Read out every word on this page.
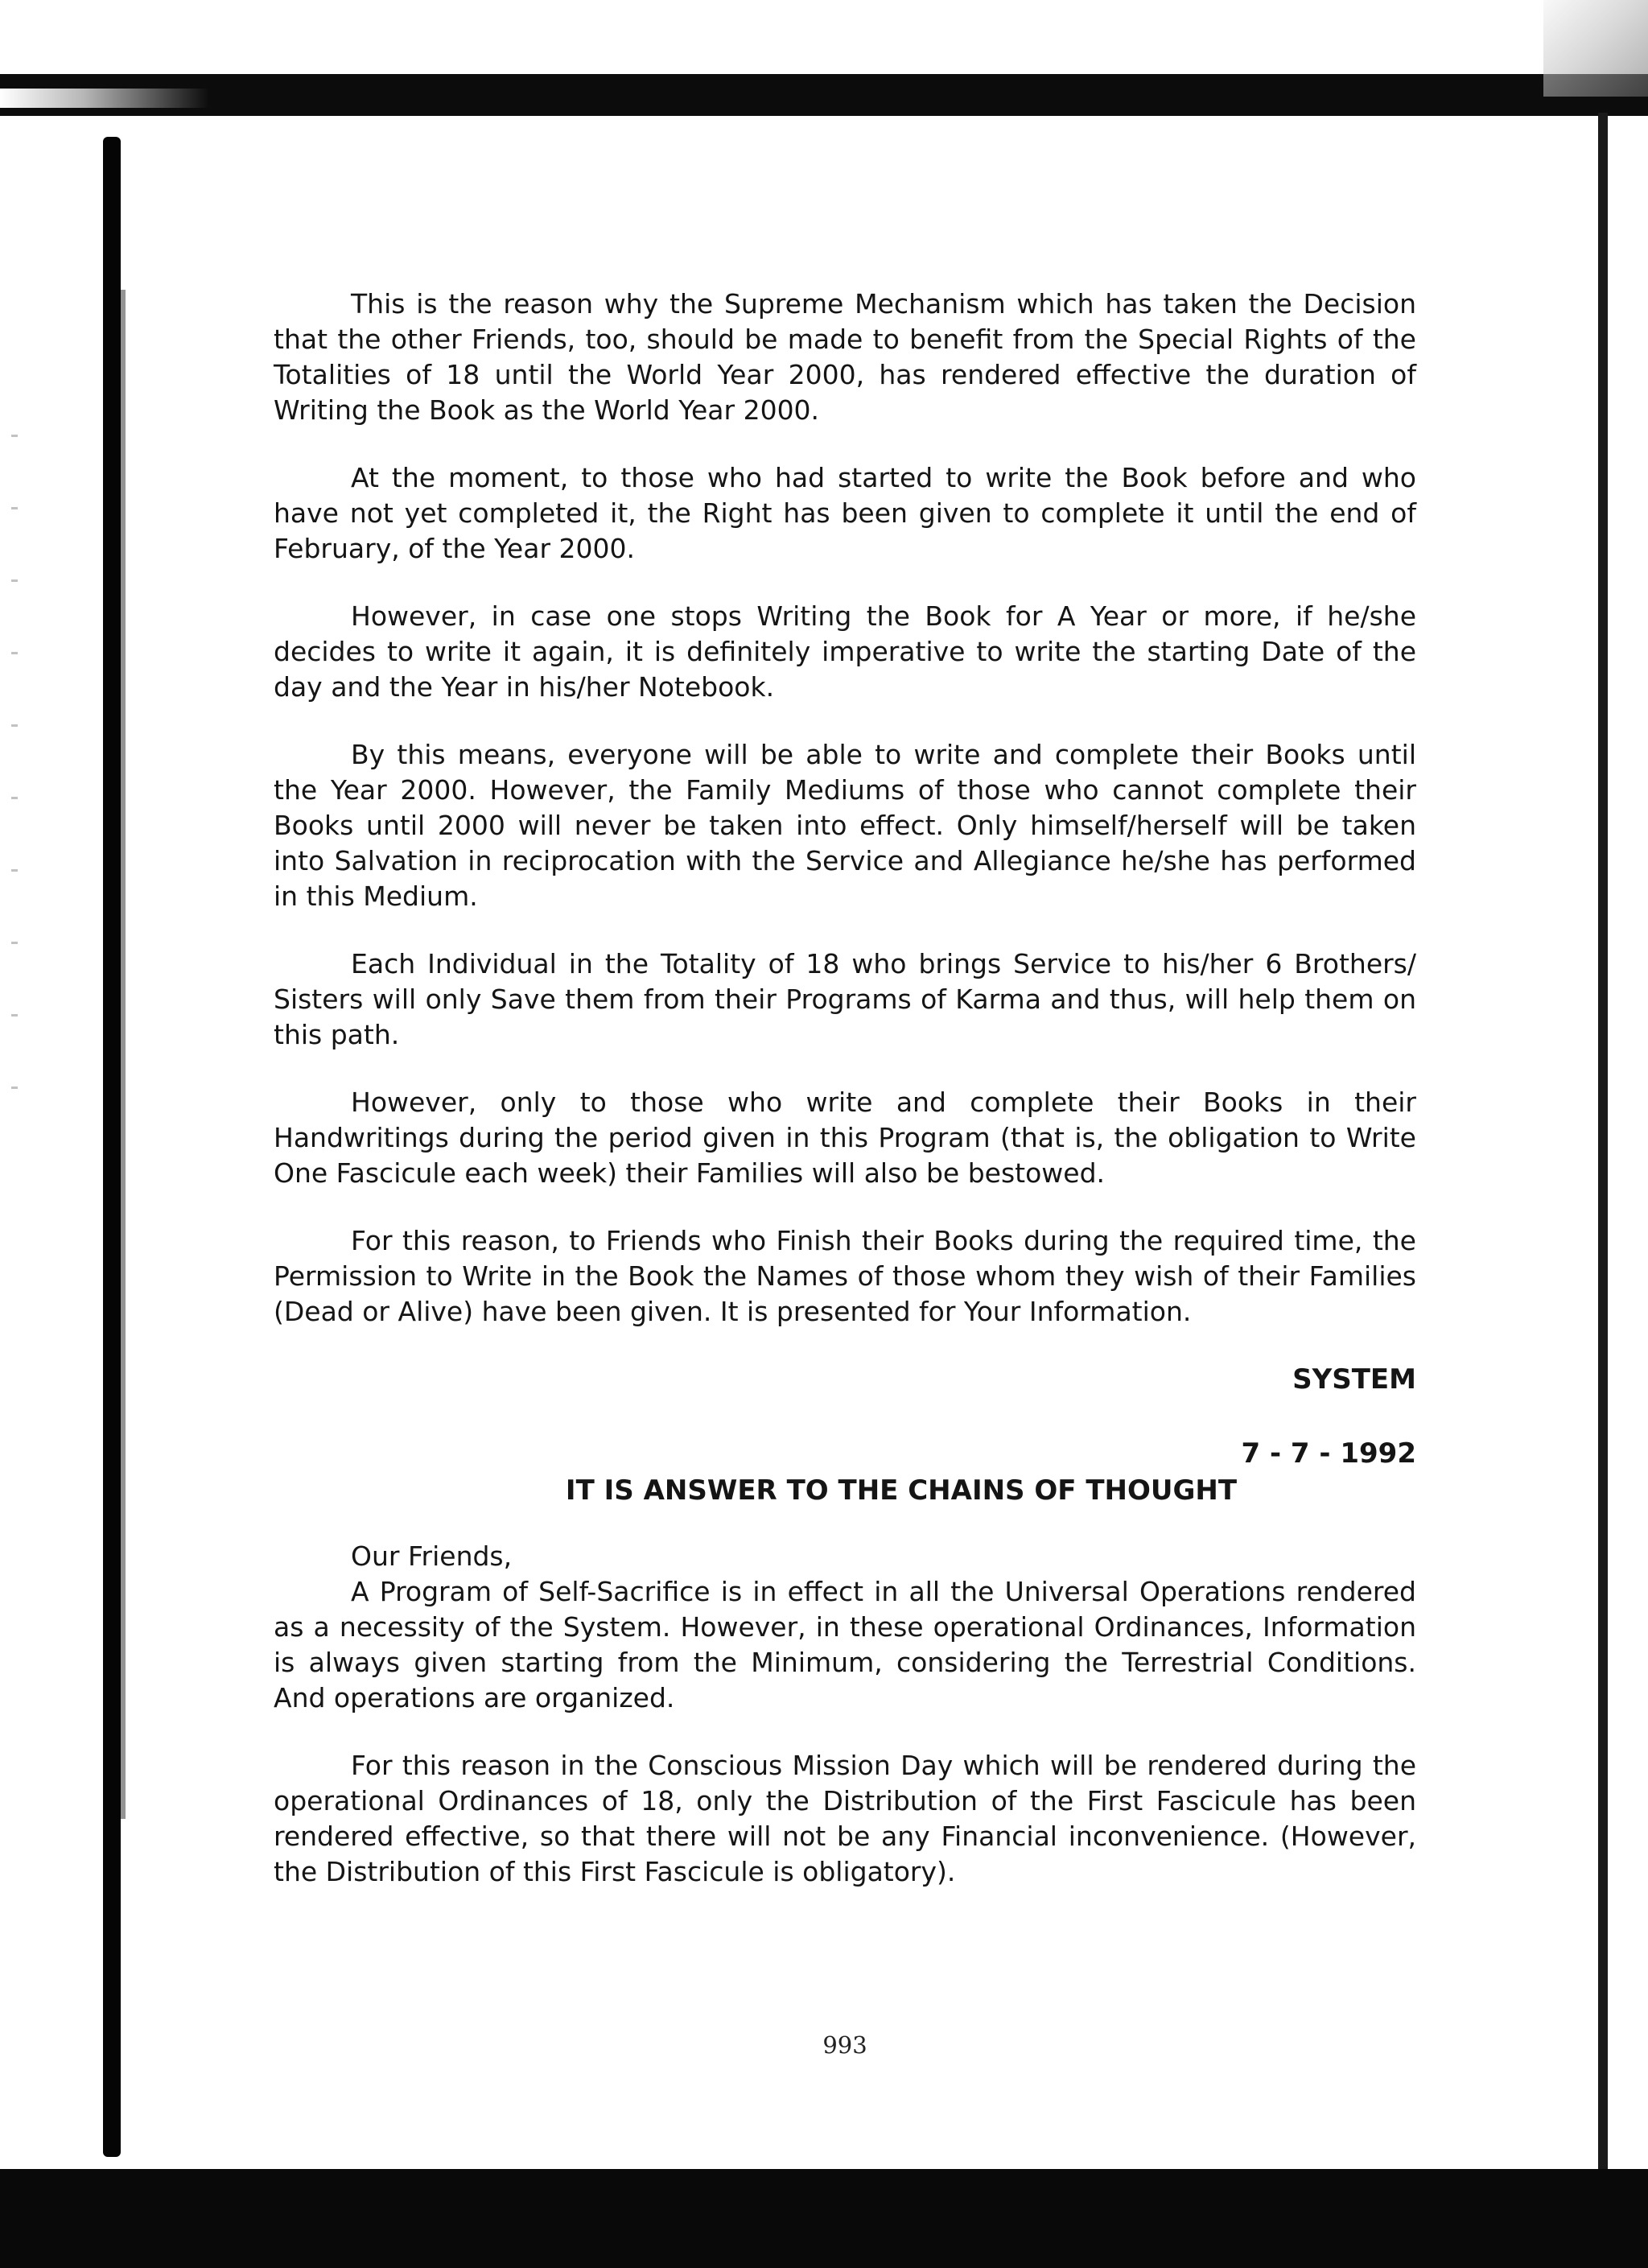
This is the reason why the Supreme Mechanism which has taken the Decision that the other Friends, too, should be made to benefit from the Special Rights of the Totalities of 18 until the World Year 2000, has rendered effective the duration of Writing the Book as the World Year 2000.

At the moment, to those who had started to write the Book before and who have not yet completed it, the Right has been given to complete it until the end of February, of the Year 2000.

However, in case one stops Writing the Book for A Year or more, if he/she decides to write it again, it is definitely imperative to write the starting Date of the day and the Year in his/her Notebook.

By this means, everyone will be able to write and complete their Books until the Year 2000. However, the Family Mediums of those who cannot complete their Books until 2000 will never be taken into effect. Only himself/herself will be taken into Salvation in reciprocation with the Service and Allegiance he/she has performed in this Medium.

Each Individual in the Totality of 18 who brings Service to his/her 6 Brothers/ Sisters will only Save them from their Programs of Karma and thus, will help them on this path.

However, only to those who write and complete their Books in their Handwritings during the period given in this Program (that is, the obligation to Write One Fascicule each week) their Families will also be bestowed.

For this reason, to Friends who Finish their Books during the required time, the Permission to Write in the Book the Names of those whom they wish of their Families (Dead or Alive) have been given. It is presented for Your Information.

SYSTEM

7 - 7 - 1992

IT IS ANSWER TO THE CHAINS OF THOUGHT

Our Friends,

A Program of Self-Sacrifice is in effect in all the Universal Operations rendered as a necessity of the System. However, in these operational Ordinances, Information is always given starting from the Minimum, considering the Terrestrial Conditions. And operations are organized.

For this reason in the Conscious Mission Day which will be rendered during the operational Ordinances of 18, only the Distribution of the First Fascicule has been rendered effective, so that there will not be any Financial inconvenience. (However, the Distribution of this First Fascicule is obligatory).

993
